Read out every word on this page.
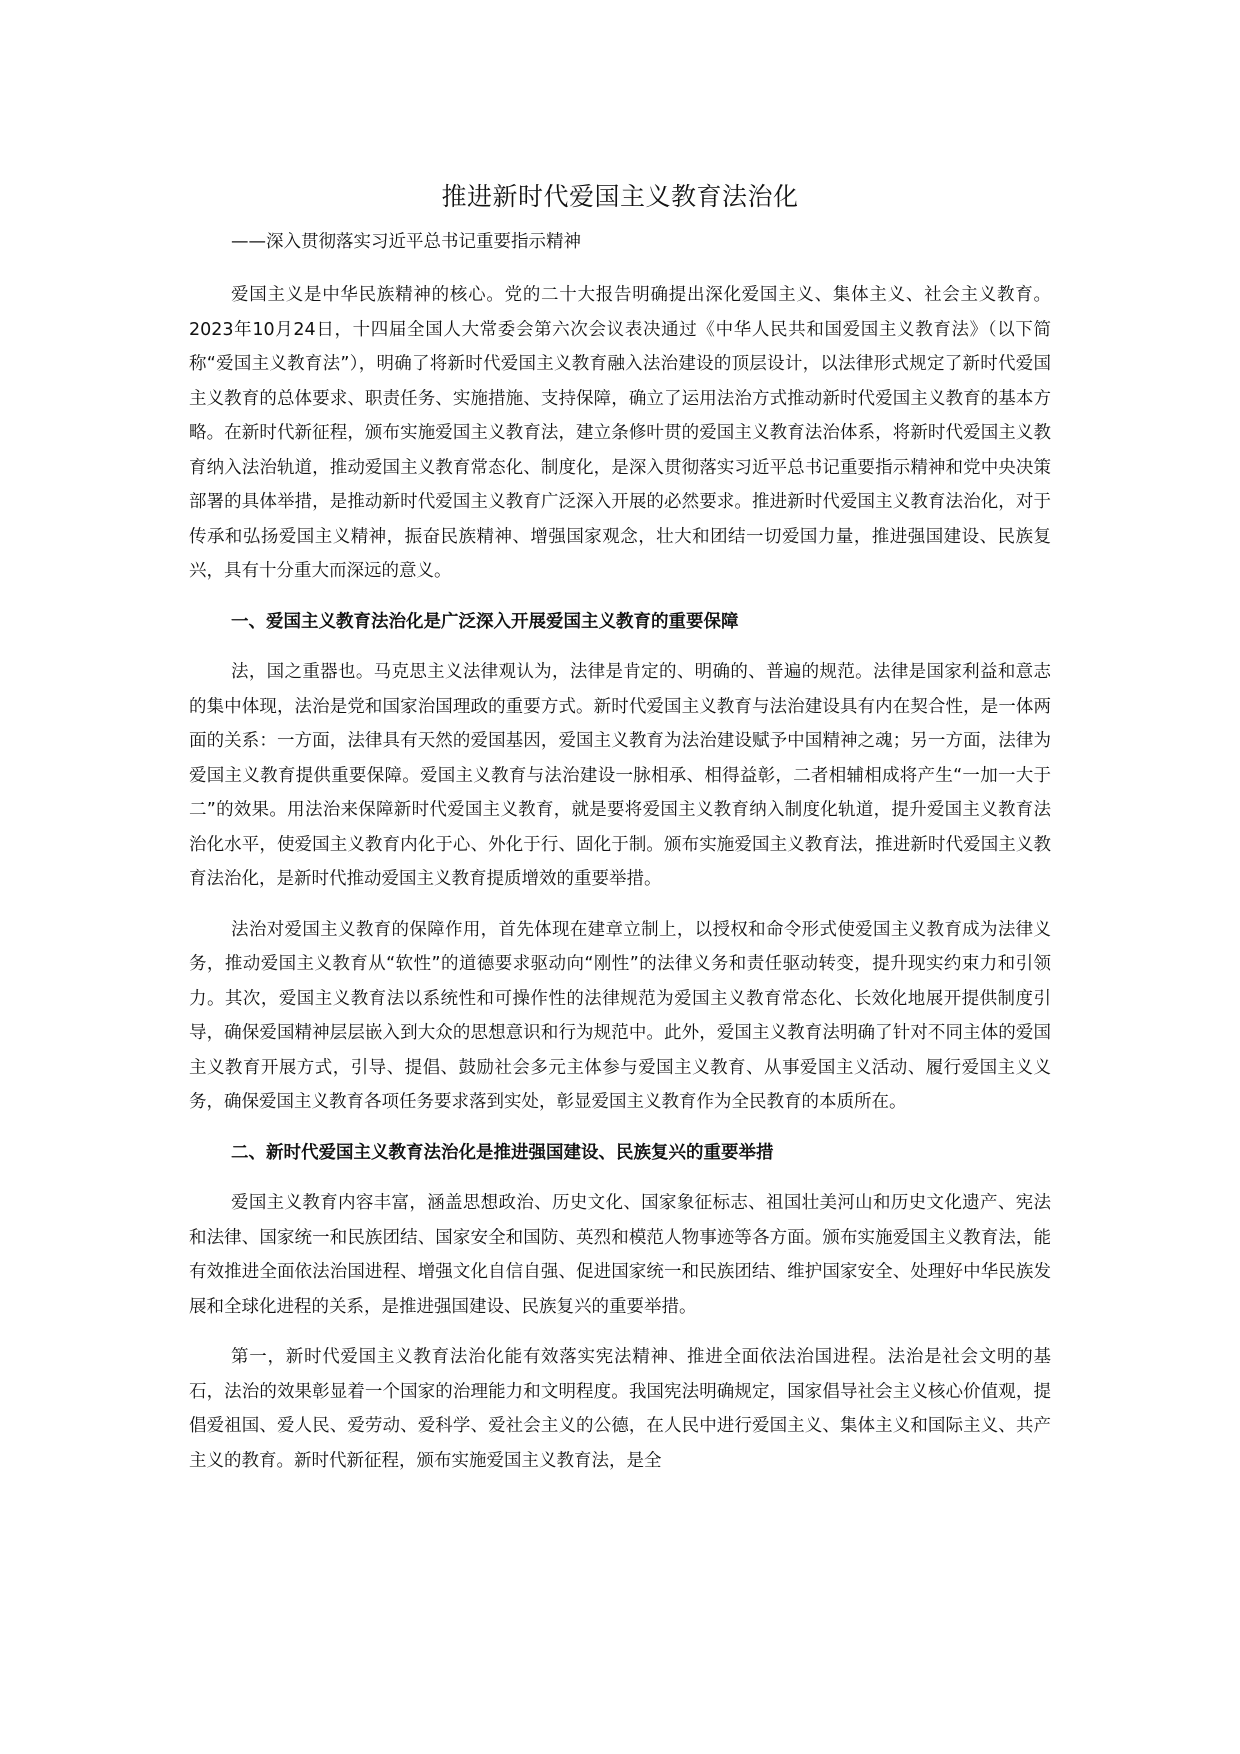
推进新时代爱国主义教育法治化

——深入贯彻落实习近平总书记重要指示精神

爱国主义是中华民族精神的核心。党的二十大报告明确提出深化爱国主义、集体主义、社会主义教育。2023年10月24日，十四届全国人大常委会第六次会议表决通过《中华人民共和国爱国主义教育法》（以下简称“爱国主义教育法”），明确了将新时代爱国主义教育融入法治建设的顶层设计，以法律形式规定了新时代爱国主义教育的总体要求、职责任务、实施措施、支持保障，确立了运用法治方式推动新时代爱国主义教育的基本方略。在新时代新征程，颁布实施爱国主义教育法，建立条修叶贯的爱国主义教育法治体系，将新时代爱国主义教育纳入法治轨道，推动爱国主义教育常态化、制度化，是深入贯彻落实习近平总书记重要指示精神和党中央决策部署的具体举措，是推动新时代爱国主义教育广泛深入开展的必然要求。推进新时代爱国主义教育法治化，对于传承和弘扬爱国主义精神，振奋民族精神、增强国家观念，壮大和团结一切爱国力量，推进强国建设、民族复兴，具有十分重大而深远的意义。

一、爱国主义教育法治化是广泛深入开展爱国主义教育的重要保障

法，国之重器也。马克思主义法律观认为，法律是肯定的、明确的、普遍的规范。法律是国家利益和意志的集中体现，法治是党和国家治国理政的重要方式。新时代爱国主义教育与法治建设具有内在契合性，是一体两面的关系：一方面，法律具有天然的爱国基因，爱国主义教育为法治建设赋予中国精神之魂；另一方面，法律为爱国主义教育提供重要保障。爱国主义教育与法治建设一脉相承、相得益彰，二者相辅相成将产生“一加一大于二”的效果。用法治来保障新时代爱国主义教育，就是要将爱国主义教育纳入制度化轨道，提升爱国主义教育法治化水平，使爱国主义教育内化于心、外化于行、固化于制。颁布实施爱国主义教育法，推进新时代爱国主义教育法治化，是新时代推动爱国主义教育提质增效的重要举措。

法治对爱国主义教育的保障作用，首先体现在建章立制上，以授权和命令形式使爱国主义教育成为法律义务，推动爱国主义教育从“软性”的道德要求驱动向“刚性”的法律义务和责任驱动转变，提升现实约束力和引领力。其次，爱国主义教育法以系统性和可操作性的法律规范为爱国主义教育常态化、长效化地展开提供制度引导，确保爱国精神层层嵌入到大众的思想意识和行为规范中。此外，爱国主义教育法明确了针对不同主体的爱国主义教育开展方式，引导、提倡、鼓励社会多元主体参与爱国主义教育、从事爱国主义活动、履行爱国主义义务，确保爱国主义教育各项任务要求落到实处，彰显爱国主义教育作为全民教育的本质所在。

二、新时代爱国主义教育法治化是推进强国建设、民族复兴的重要举措

爱国主义教育内容丰富，涵盖思想政治、历史文化、国家象征标志、祖国壮美河山和历史文化遗产、宪法和法律、国家统一和民族团结、国家安全和国防、英烈和模范人物事迹等各方面。颁布实施爱国主义教育法，能有效推进全面依法治国进程、增强文化自信自强、促进国家统一和民族团结、维护国家安全、处理好中华民族发展和全球化进程的关系，是推进强国建设、民族复兴的重要举措。

第一，新时代爱国主义教育法治化能有效落实宪法精神、推进全面依法治国进程。法治是社会文明的基石，法治的效果彰显着一个国家的治理能力和文明程度。我国宪法明确规定，国家倡导社会主义核心价值观，提倡爱祖国、爱人民、爱劳动、爱科学、爱社会主义的公德，在人民中进行爱国主义、集体主义和国际主义、共产主义的教育。新时代新征程，颁布实施爱国主义教育法，是全
